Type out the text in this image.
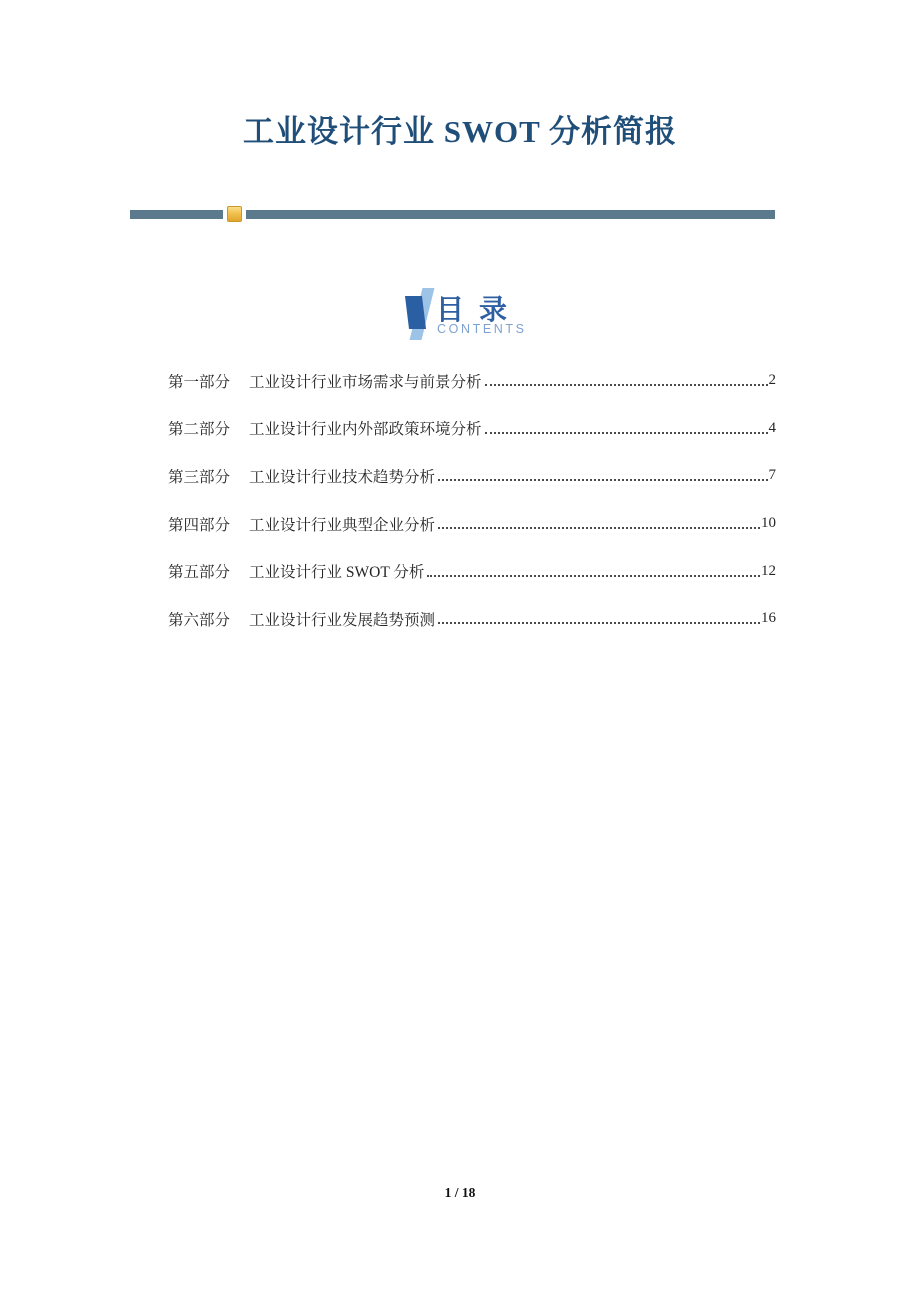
工业设计行业 SWOT 分析简报
目 录
CONTENTS
第一部分 工业设计行业市场需求与前景分析	2
第二部分 工业设计行业内外部政策环境分析	4
第三部分 工业设计行业技术趋势分析	7
第四部分 工业设计行业典型企业分析	10
第五部分 工业设计行业 SWOT 分析	12
第六部分 工业设计行业发展趋势预测	16
1 / 18
